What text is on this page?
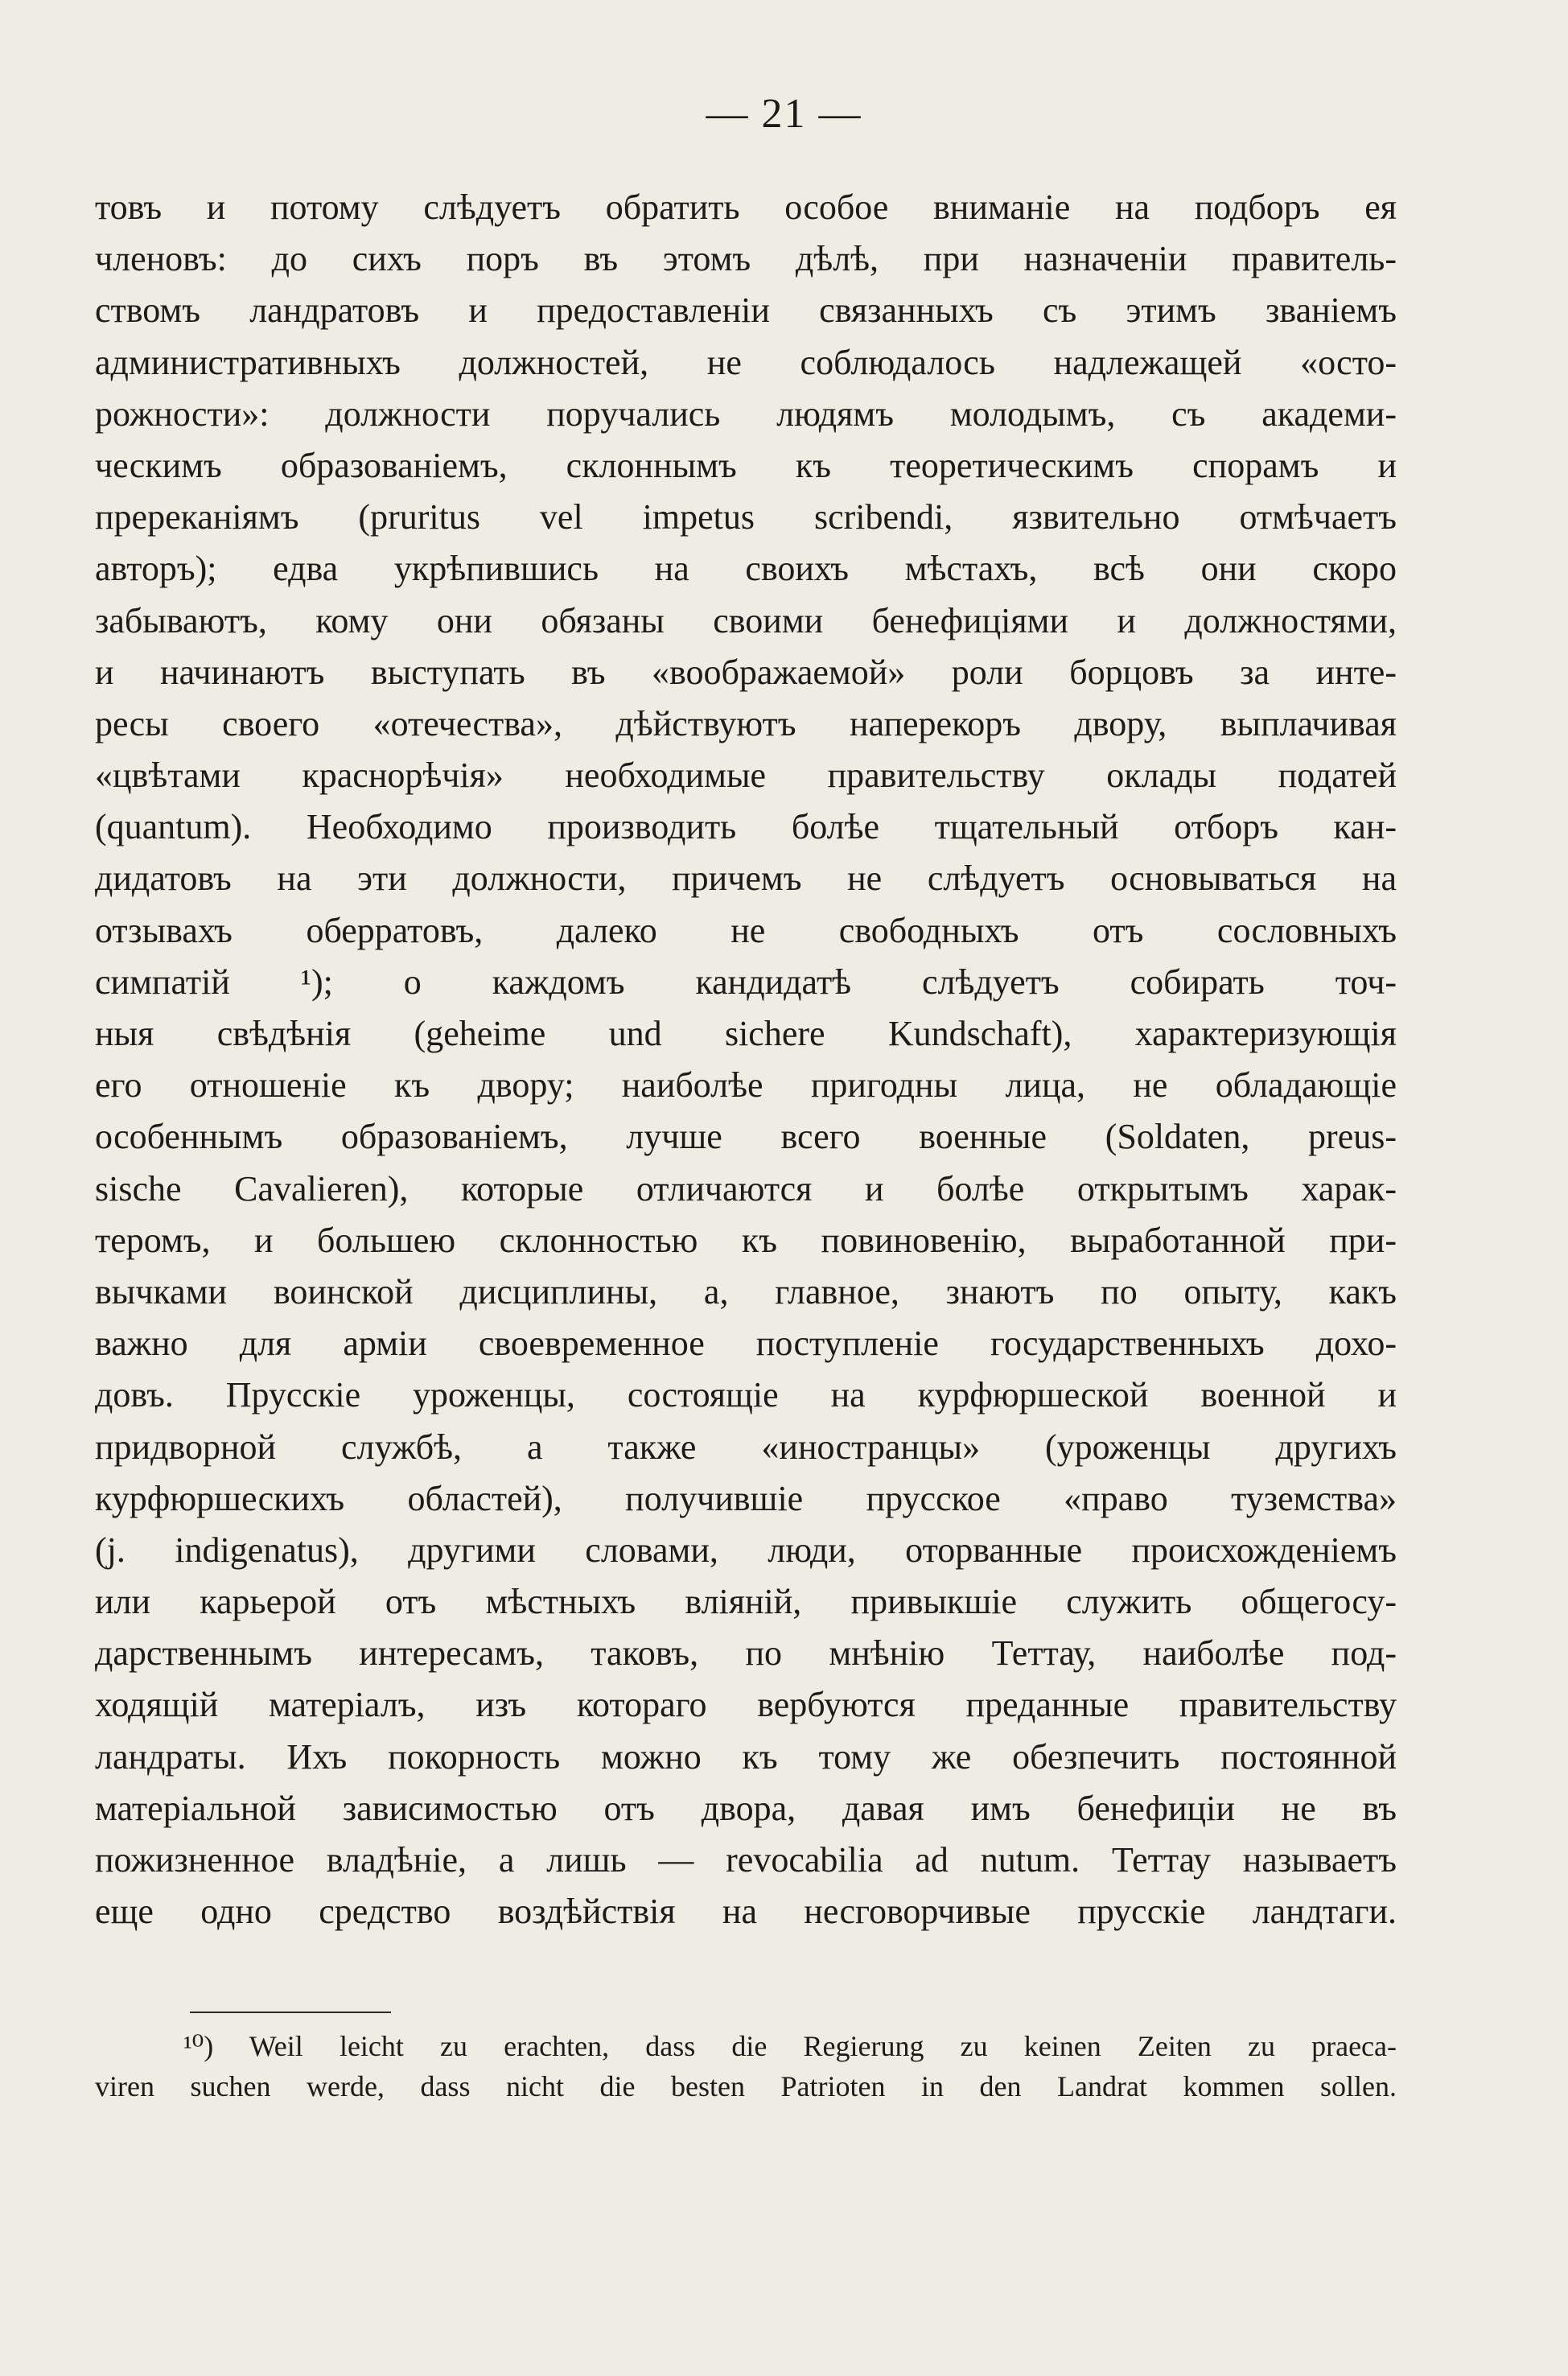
— 21 —
товъ и потому слѣдуетъ обратить особое вниманіе на подборъ ея
членовъ: до сихъ поръ въ этомъ дѣлѣ, при назначеніи правитель-
ствомъ ландратовъ и предоставленіи связанныхъ съ этимъ званіемъ
административныхъ должностей, не соблюдалось надлежащей «осто-
рожности»: должности поручались людямъ молодымъ, съ академи-
ческимъ образованіемъ, склоннымъ къ теоретическимъ спорамъ и
пререканіямъ (pruritus vel impetus scribendi, язвительно отмѣчаетъ
авторъ); едва укрѣпившись на своихъ мѣстахъ, всѣ они скоро
забываютъ, кому они обязаны своими бенефиціями и должностями,
и начинаютъ выступать въ «воображаемой» роли борцовъ за инте-
ресы своего «отечества», дѣйствуютъ наперекоръ двору, выплачивая
«цвѣтами краснорѣчія» необходимые правительству оклады податей
(quantum). Необходимо производить болѣе тщательный отборъ кан-
дидатовъ на эти должности, причемъ не слѣдуетъ основываться на
отзывахъ оберратовъ, далеко не свободныхъ отъ сословныхъ
симпатій ¹); о каждомъ кандидатѣ слѣдуетъ собирать точ-
ныя свѣдѣнія (geheime und sichere Kundschaft), характеризующія
его отношеніе къ двору; наиболѣе пригодны лица, не обладающіе
особеннымъ образованіемъ, лучше всего военные (Soldaten, preus-
sische Cavalieren), которые отличаются и болѣе открытымъ харак-
теромъ, и большею склонностью къ повиновенію, выработанной при-
вычками воинской дисциплины, а, главное, знаютъ по опыту, какъ
важно для арміи своевременное поступленіе государственныхъ дохо-
довъ. Прусскіе уроженцы, состоящіе на курфюршеской военной и
придворной службѣ, а также «иностранцы» (уроженцы другихъ
курфюршескихъ областей), получившіе прусское «право туземства»
(j. indigenatus), другими словами, люди, оторванные происхожденіемъ
или карьерой отъ мѣстныхъ вліяній, привыкшіе служить общегосу-
дарственнымъ интересамъ, таковъ, по мнѣнію Теттау, наиболѣе под-
ходящій матеріалъ, изъ котораго вербуются преданные правительству
ландраты. Ихъ покорность можно къ тому же обезпечить постоянной
матеріальной зависимостью отъ двора, давая имъ бенефиціи не въ
пожизненное владѣніе, а лишь — revocabilia ad nutum. Теттау называетъ
еще одно средство воздѣйствія на несговорчивые прусскіе ландтаги.
¹⁰) Weil leicht zu erachten, dass die Regierung zu keinen Zeiten zu praeca-
viren suchen werde, dass nicht die besten Patrioten in den Landrat kommen sollen.
